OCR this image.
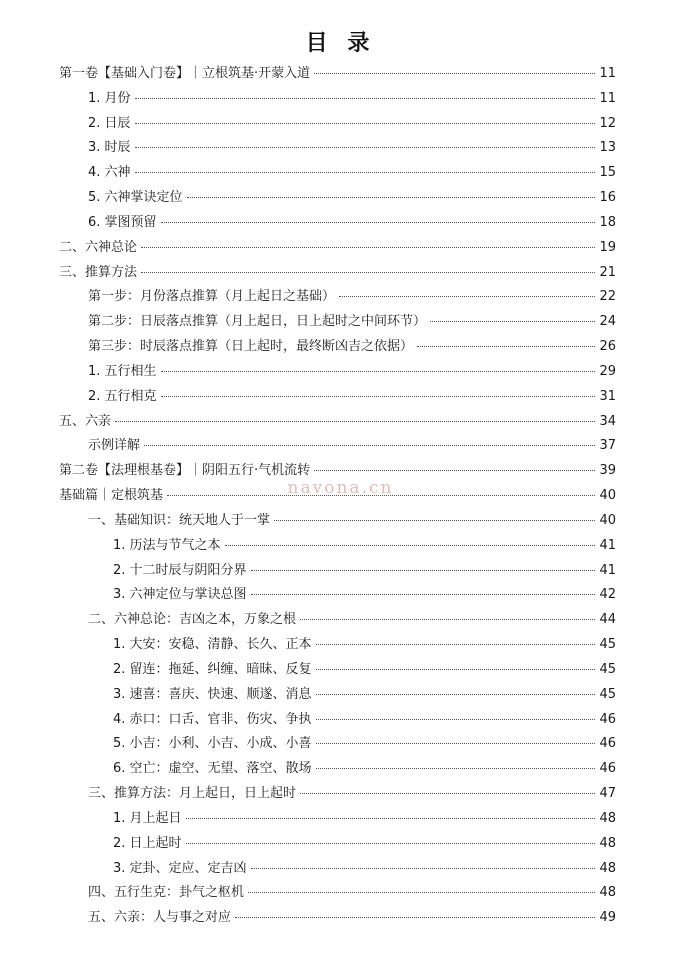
目 录
第一卷【基础入门卷】｜立根筑基·开蒙入道	11
1. 月份	11
2. 日辰	12
3. 时辰	13
4. 六神	15
5. 六神掌诀定位	16
6. 掌图预留	18
二、六神总论	19
三、推算方法	21
第一步：月份落点推算（月上起日之基础）	22
第二步：日辰落点推算（月上起日，日上起时之中间环节）	24
第三步：时辰落点推算（日上起时，最终断凶吉之依据）	26
1. 五行相生	29
2. 五行相克	31
五、六亲	34
示例详解	37
第二卷【法理根基卷】｜阴阳五行·气机流转	39
基础篇｜定根筑基	40
一、基础知识：统天地人于一掌	40
1. 历法与节气之本	41
2. 十二时辰与阴阳分界	41
3. 六神定位与掌诀总图	42
二、六神总论：吉凶之本，万象之根	44
1. 大安：安稳、清静、长久、正本	45
2. 留连：拖延、纠缠、暗昧、反复	45
3. 速喜：喜庆、快速、顺遂、消息	45
4. 赤口：口舌、官非、伤灾、争执	46
5. 小吉：小利、小吉、小成、小喜	46
6. 空亡：虚空、无望、落空、散场	46
三、推算方法：月上起日，日上起时	47
1. 月上起日	48
2. 日上起时	48
3. 定卦、定应、定吉凶	48
四、五行生克：卦气之枢机	48
五、六亲：人与事之对应	49
navona.cn
